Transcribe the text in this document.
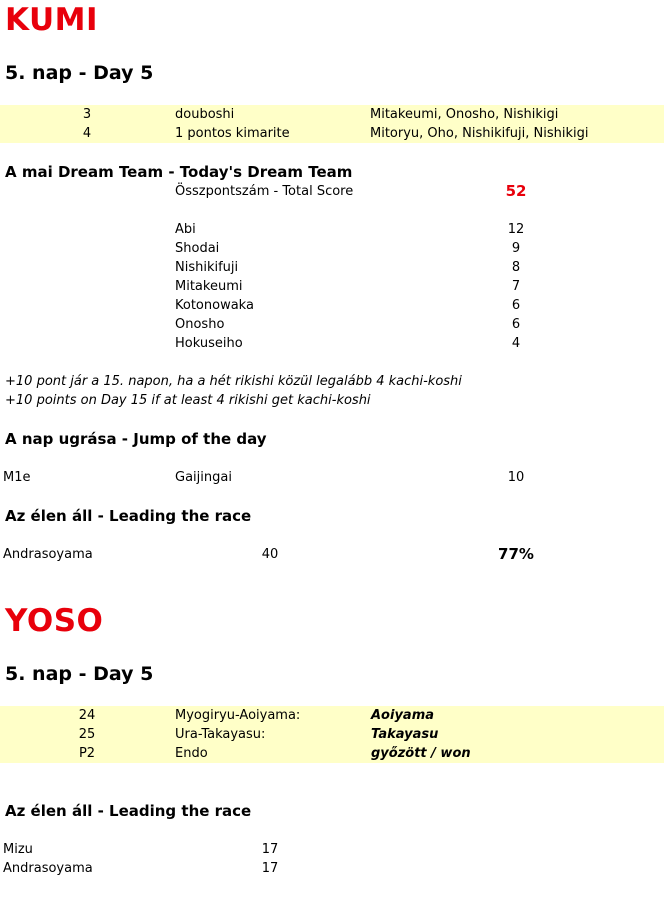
KUMI
5. nap - Day 5
3	douboshi	Mitakeumi, Onosho, Nishikigi
4	1 pontos kimarite	Mitoryu, Oho, Nishikifuji, Nishikigi
A mai Dream Team - Today's Dream Team
Összpontszám - Total Score	52
Abi	12
Shodai	9
Nishikifuji	8
Mitakeumi	7
Kotonowaka	6
Onosho	6
Hokuseiho	4
+10 pont jár a 15. napon, ha a hét rikishi közül legalább 4 kachi-koshi
+10 points on Day 15 if at least 4 rikishi get kachi-koshi
A nap ugrása - Jump of the day
M1e	Gaijingai	10
Az élen áll - Leading the race
Andrasoyama	40	77%
YOSO
5. nap - Day 5
24	Myogiryu-Aoiyama:	Aoiyama
25	Ura-Takayasu:	Takayasu
P2	Endo	győzött / won
Az élen áll - Leading the race
Mizu	17
Andrasoyama	17
